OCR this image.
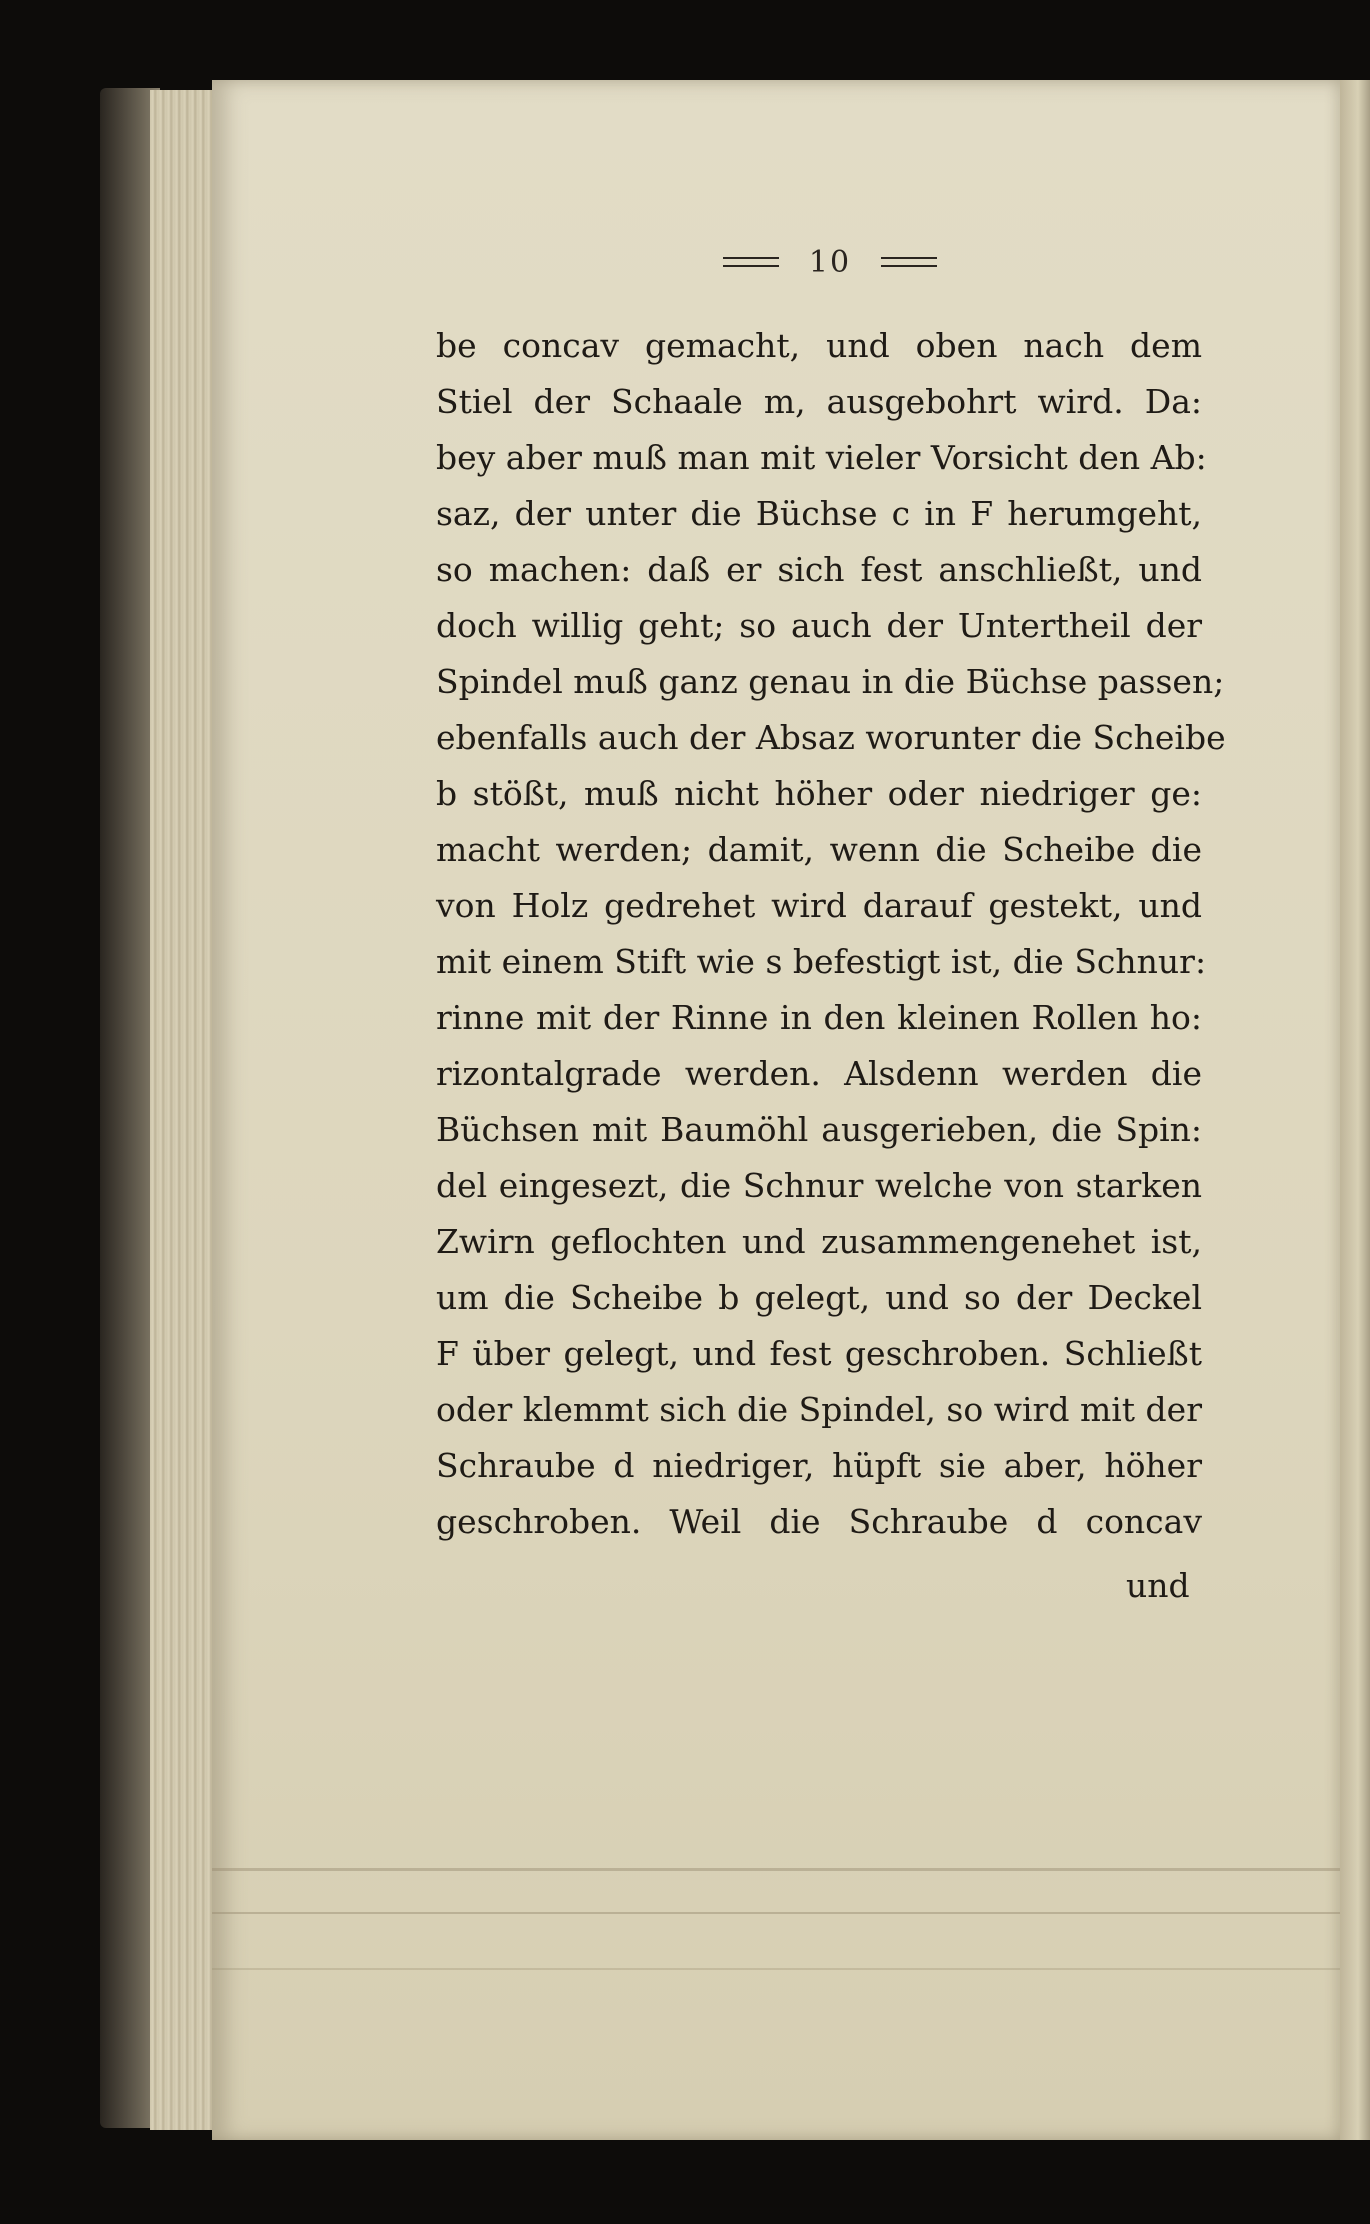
10
be concav gemacht, und oben nach dem
Stiel der Schaale m, ausgebohrt wird. Da:
bey aber muß man mit vieler Vorsicht den Ab:
saz, der unter die Büchse c in F herumgeht,
so machen: daß er sich fest anschließt, und
doch willig geht; so auch der Untertheil der
Spindel muß ganz genau in die Büchse passen;
ebenfalls auch der Absaz worunter die Scheibe
b stößt, muß nicht höher oder niedriger ge:
macht werden; damit, wenn die Scheibe die
von Holz gedrehet wird darauf gestekt, und
mit einem Stift wie s befestigt ist, die Schnur:
rinne mit der Rinne in den kleinen Rollen ho:
rizontalgrade werden. Alsdenn werden die
Büchsen mit Baumöhl ausgerieben, die Spin:
del eingesezt, die Schnur welche von starken
Zwirn geflochten und zusammengenehet ist,
um die Scheibe b gelegt, und so der Deckel
F über gelegt, und fest geschroben. Schließt
oder klemmt sich die Spindel, so wird mit der
Schraube d niedriger, hüpft sie aber, höher
geschroben. Weil die Schraube d concav
und
